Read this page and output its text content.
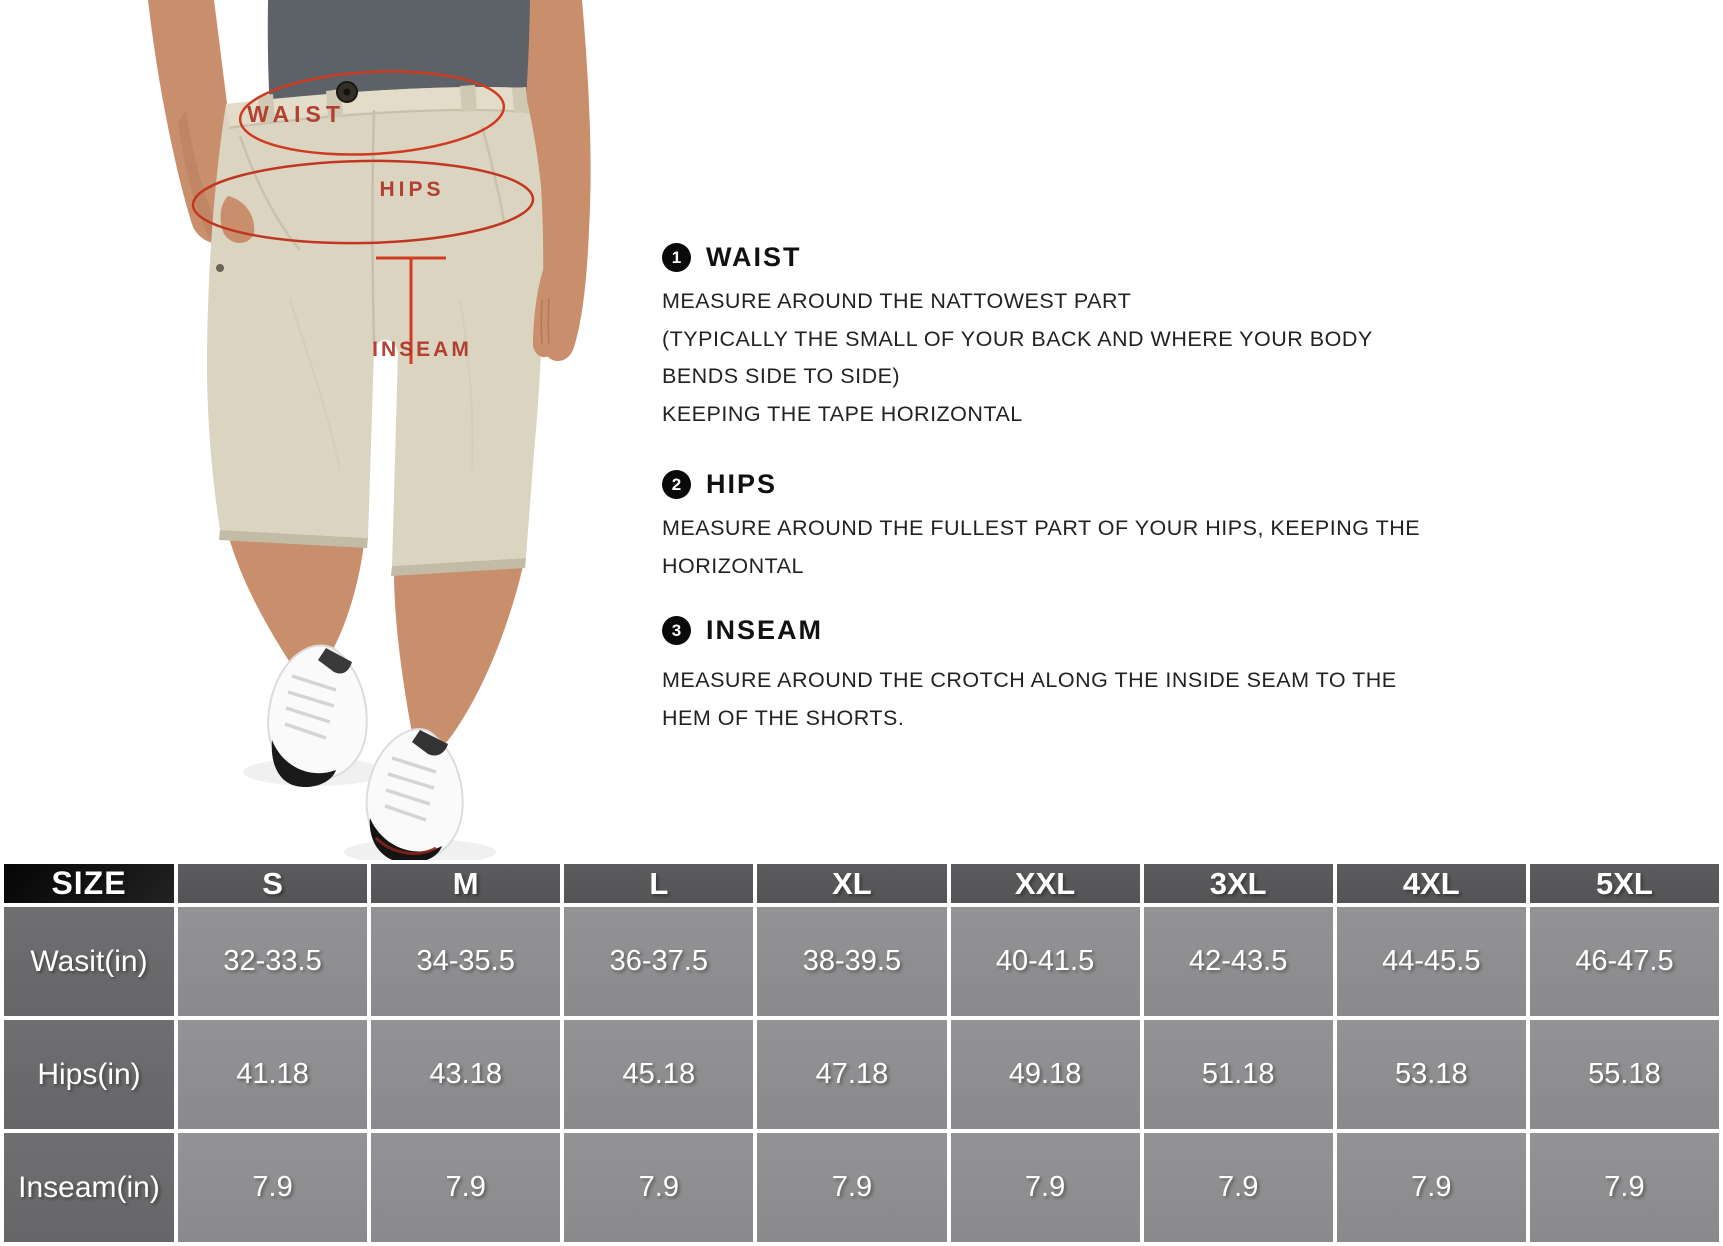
WAIST
HIPS
INSEAM
1 WAIST
MEASURE AROUND THE NATTOWEST PART
(TYPICALLY THE SMALL OF YOUR BACK AND WHERE YOUR BODY
BENDS SIDE TO SIDE)
KEEPING THE TAPE HORIZONTAL
2 HIPS
MEASURE AROUND THE FULLEST PART OF YOUR HIPS, KEEPING THE
HORIZONTAL
3 INSEAM
MEASURE AROUND THE CROTCH ALONG THE INSIDE SEAM TO THE
HEM OF THE SHORTS.
SIZE	S	M	L	XL	XXL	3XL	4XL	5XL
Wasit(in)	32-33.5	34-35.5	36-37.5	38-39.5	40-41.5	42-43.5	44-45.5	46-47.5
Hips(in)	41.18	43.18	45.18	47.18	49.18	51.18	53.18	55.18
Inseam(in)	7.9	7.9	7.9	7.9	7.9	7.9	7.9	7.9
